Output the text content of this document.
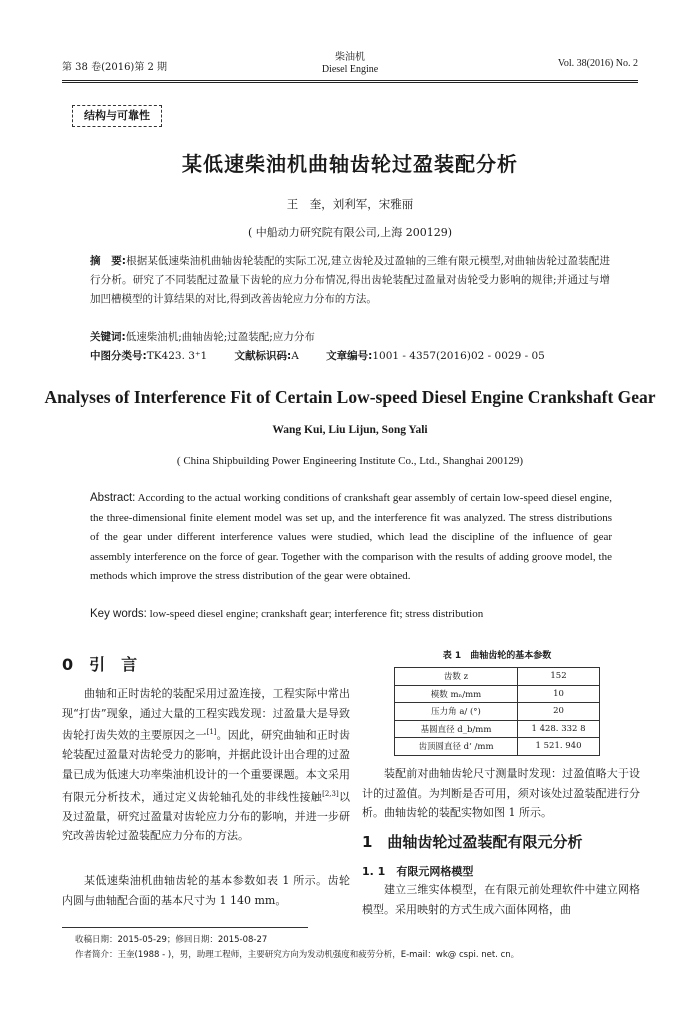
第 38 卷(2016)第 2 期
柴油机
Diesel Engine
Vol. 38(2016) No. 2
结构与可靠性
某低速柴油机曲轴齿轮过盈装配分析
王　奎，刘利军，宋雅丽
( 中船动力研究院有限公司,上海 200129)
摘　要:根据某低速柴油机曲轴齿轮装配的实际工况,建立齿轮及过盈轴的三维有限元模型,对曲轴齿轮过盈装配进行分析。研究了不同装配过盈量下齿轮的应力分布情况,得出齿轮装配过盈量对齿轮受力影响的规律;并通过与增加凹槽模型的计算结果的对比,得到改善齿轮应力分布的方法。
关键词:低速柴油机;曲轴齿轮;过盈装配;应力分布
中图分类号:TK423. 3⁺1	文献标识码:A	文章编号:1001 - 4357(2016)02 - 0029 - 05
Analyses of Interference Fit of Certain Low-speed Diesel Engine Crankshaft Gear
Wang Kui, Liu Lijun, Song Yali
( China Shipbuilding Power Engineering Institute Co., Ltd., Shanghai 200129)
Abstract: According to the actual working conditions of crankshaft gear assembly of certain low-speed diesel engine, the three-dimensional finite element model was set up, and the interference fit was analyzed. The stress distributions of the gear under different interference values were studied, which lead the discipline of the influence of gear assembly interference on the force of gear. Together with the comparison with the results of adding groove model, the methods which improve the stress distribution of the gear were obtained.
Key words: low-speed diesel engine; crankshaft gear; interference fit; stress distribution
0　引　言
曲轴和正时齿轮的装配采用过盈连接，工程实际中常出现“打齿”现象，通过大量的工程实践发现：过盈量大是导致齿轮打齿失效的主要原因之一[1]。因此，研究曲轴和正时齿轮装配过盈量对齿轮受力的影响，并据此设计出合理的过盈量已成为低速大功率柴油机设计的一个重要课题。本文采用有限元分析技术，通过定义齿轮轴孔处的非线性接触[2,3]以及过盈量，研究过盈量对齿轮应力分布的影响，并进一步研究改善齿轮过盈装配应力分布的方法。
某低速柴油机曲轴齿轮的基本参数如表 1 所示。齿轮内圆与曲轴配合面的基本尺寸为 1 140 mm。
表 1　曲轴齿轮的基本参数
齿数 z	152
模数 mₙ/mm	10
压力角 a/ (°)	20
基圆直径 d_b/mm	1 428. 332 8
齿顶圆直径 d’ /mm	1 521. 940
装配前对曲轴齿轮尺寸测量时发现：过盈值略大于设计的过盈值。为判断是否可用，须对该处过盈装配进行分析。曲轴齿轮的装配实物如图 1 所示。
1　曲轴齿轮过盈装配有限元分析
1. 1　有限元网格模型
建立三维实体模型，在有限元前处理软件中建立网格模型。采用映射的方式生成六面体网格，曲
收稿日期：2015-05-29；修回日期：2015-08-27
作者简介：王奎(1988 - )，男，助理工程师，主要研究方向为发动机强度和疲劳分析，E-mail：wk@ cspi. net. cn。
